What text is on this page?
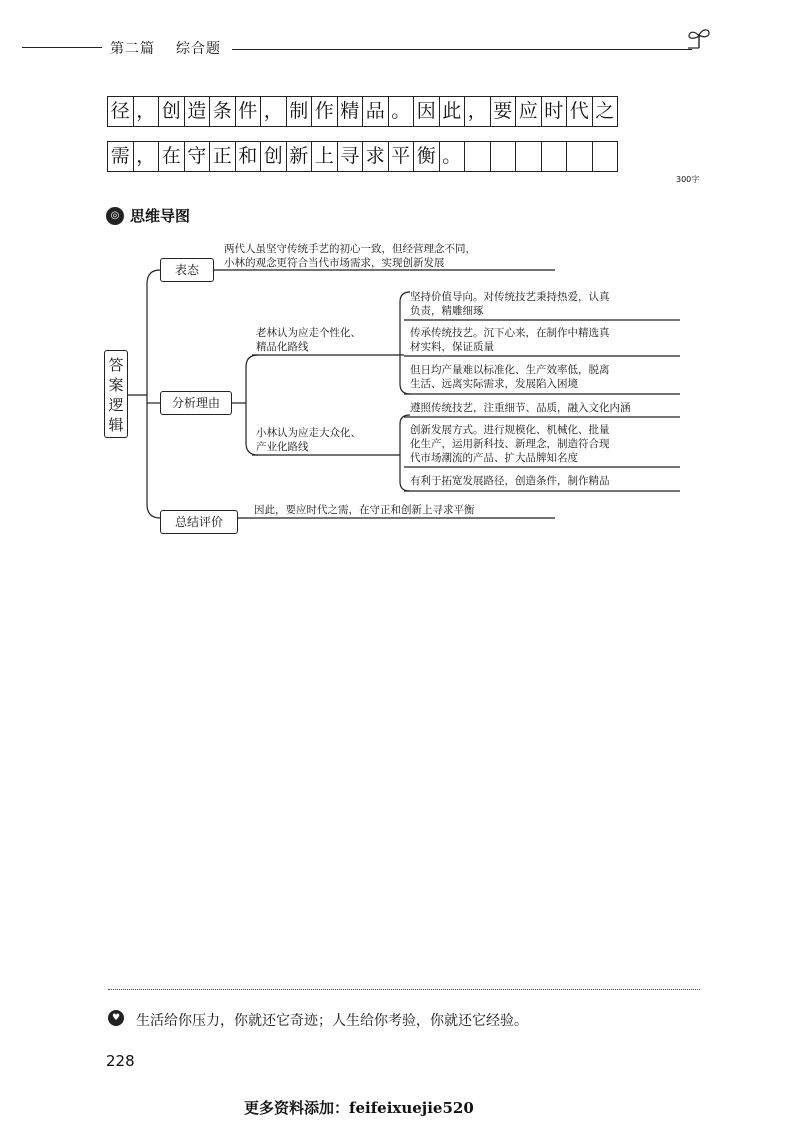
第二篇 综合题
径 ， 创 造 条 件 ， 制 作 精 品 。 因 此 ， 要 应 时 代 之
需 ， 在 守 正 和 创 新 上 寻 求 平 衡 。
300字
◎ 思维导图
答
案
逻
辑
表态
两代人虽坚守传统手艺的初心一致，但经营理念不同，
小林的观念更符合当代市场需求，实现创新发展
分析理由
老林认为应走个性化、
精品化路线
坚持价值导向。对传统技艺秉持热爱，认真
负责，精雕细琢
传承传统技艺。沉下心来，在制作中精选真
材实料，保证质量
但日均产量难以标准化、生产效率低，脱离
生活、远离实际需求，发展陷入困境
小林认为应走大众化、
产业化路线
遵照传统技艺，注重细节、品质，融入文化内涵
创新发展方式。进行规模化、机械化、批量
化生产，运用新科技、新理念，制造符合现
代市场潮流的产品、扩大品牌知名度
有利于拓宽发展路径，创造条件，制作精品
总结评价
因此，要应时代之需，在守正和创新上寻求平衡
♥ 生活给你压力，你就还它奇迹；人生给你考验，你就还它经验。
228
更多资料添加：feifeixuejie520
